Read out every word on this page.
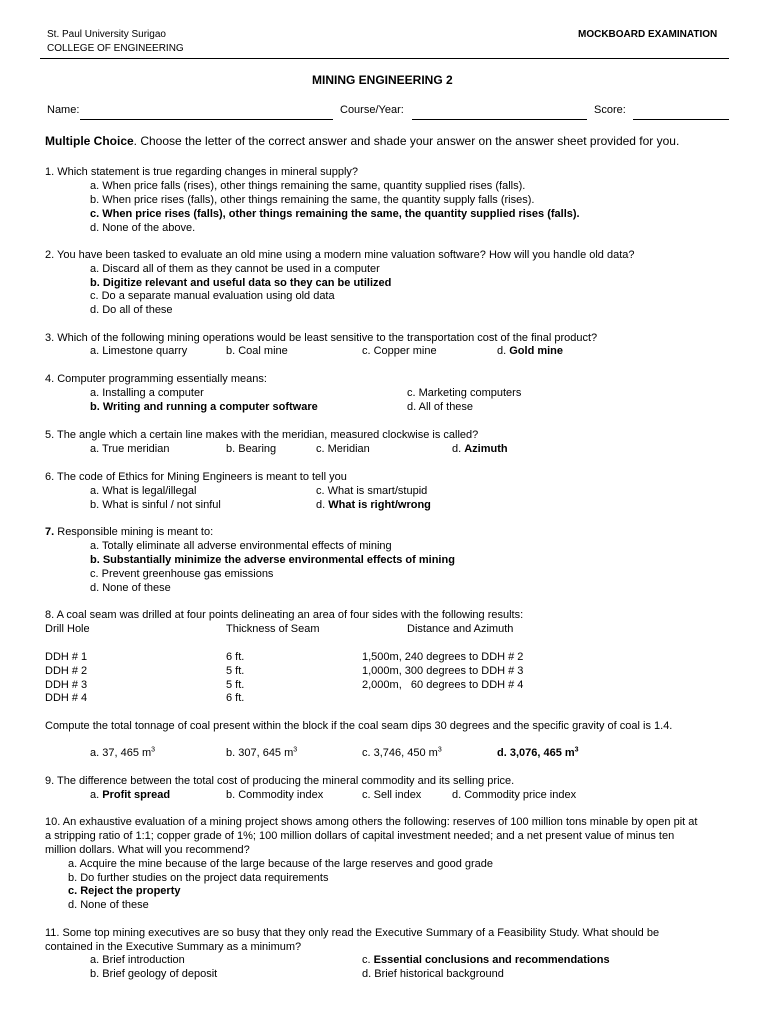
St. Paul University Surigao
COLLEGE OF ENGINEERING
MOCKBOARD EXAMINATION
MINING ENGINEERING 2
Name:	Course/Year:	Score:
Multiple Choice. Choose the letter of the correct answer and shade your answer on the answer sheet provided for you.
1. Which statement is true regarding changes in mineral supply?
a. When price falls (rises), other things remaining the same, quantity supplied rises (falls).
b. When price rises (falls), other things remaining the same, the quantity supply falls (rises).
c. When price rises (falls), other things remaining the same, the quantity supplied rises (falls).
d. None of the above.
2. You have been tasked to evaluate an old mine using a modern mine valuation software? How will you handle old data?
a. Discard all of them as they cannot be used in a computer
b. Digitize relevant and useful data so they can be utilized
c. Do a separate manual evaluation using old data
d. Do all of these
3. Which of the following mining operations would be least sensitive to the transportation cost of the final product?
a. Limestone quarry	b. Coal mine	c. Copper mine	d. Gold mine
4. Computer programming essentially means:
a. Installing a computer	c. Marketing computers
b. Writing and running a computer software	d. All of these
5. The angle which a certain line makes with the meridian, measured clockwise is called?
a. True meridian	b. Bearing	c. Meridian	d. Azimuth
6. The code of Ethics for Mining Engineers is meant to tell you
a. What is legal/illegal	c. What is smart/stupid
b. What is sinful / not sinful	d. What is right/wrong
7. Responsible mining is meant to:
a. Totally eliminate all adverse environmental effects of mining
b. Substantially minimize the adverse environmental effects of mining
c. Prevent greenhouse gas emissions
d. None of these
8. A coal seam was drilled at four points delineating an area of four sides with the following results:
Drill Hole	Thickness of Seam	Distance and Azimuth
DDH # 1	6 ft.	1,500m, 240 degrees to DDH # 2
DDH # 2	5 ft.	1,000m, 300 degrees to DDH # 3
DDH # 3	5 ft.	2,000m,   60 degrees to DDH # 4
DDH # 4	6 ft.
Compute the total tonnage of coal present within the block if the coal seam dips 30 degrees and the specific gravity of coal is 1.4.
a. 37, 465 $m^3$	b. 307, 645 $m^3$	c. 3,746, 450 $m^3$	d. 3,076, 465 $m^3$
9. The difference between the total cost of producing the mineral commodity and its selling price.
a. Profit spread	b. Commodity index	c. Sell index	d. Commodity price index
10. An exhaustive evaluation of a mining project shows among others the following: reserves of 100 million tons minable by open pit at
a stripping ratio of 1:1; copper grade of 1%; 100 million dollars of capital investment needed; and a net present value of minus ten
million dollars. What will you recommend?
a. Acquire the mine because of the large because of the large reserves and good grade
b. Do further studies on the project data requirements
c. Reject the property
d. None of these
11. Some top mining executives are so busy that they only read the Executive Summary of a Feasibility Study. What should be
contained in the Executive Summary as a minimum?
a. Brief introduction	c. Essential conclusions and recommendations
b. Brief geology of deposit	d. Brief historical background
